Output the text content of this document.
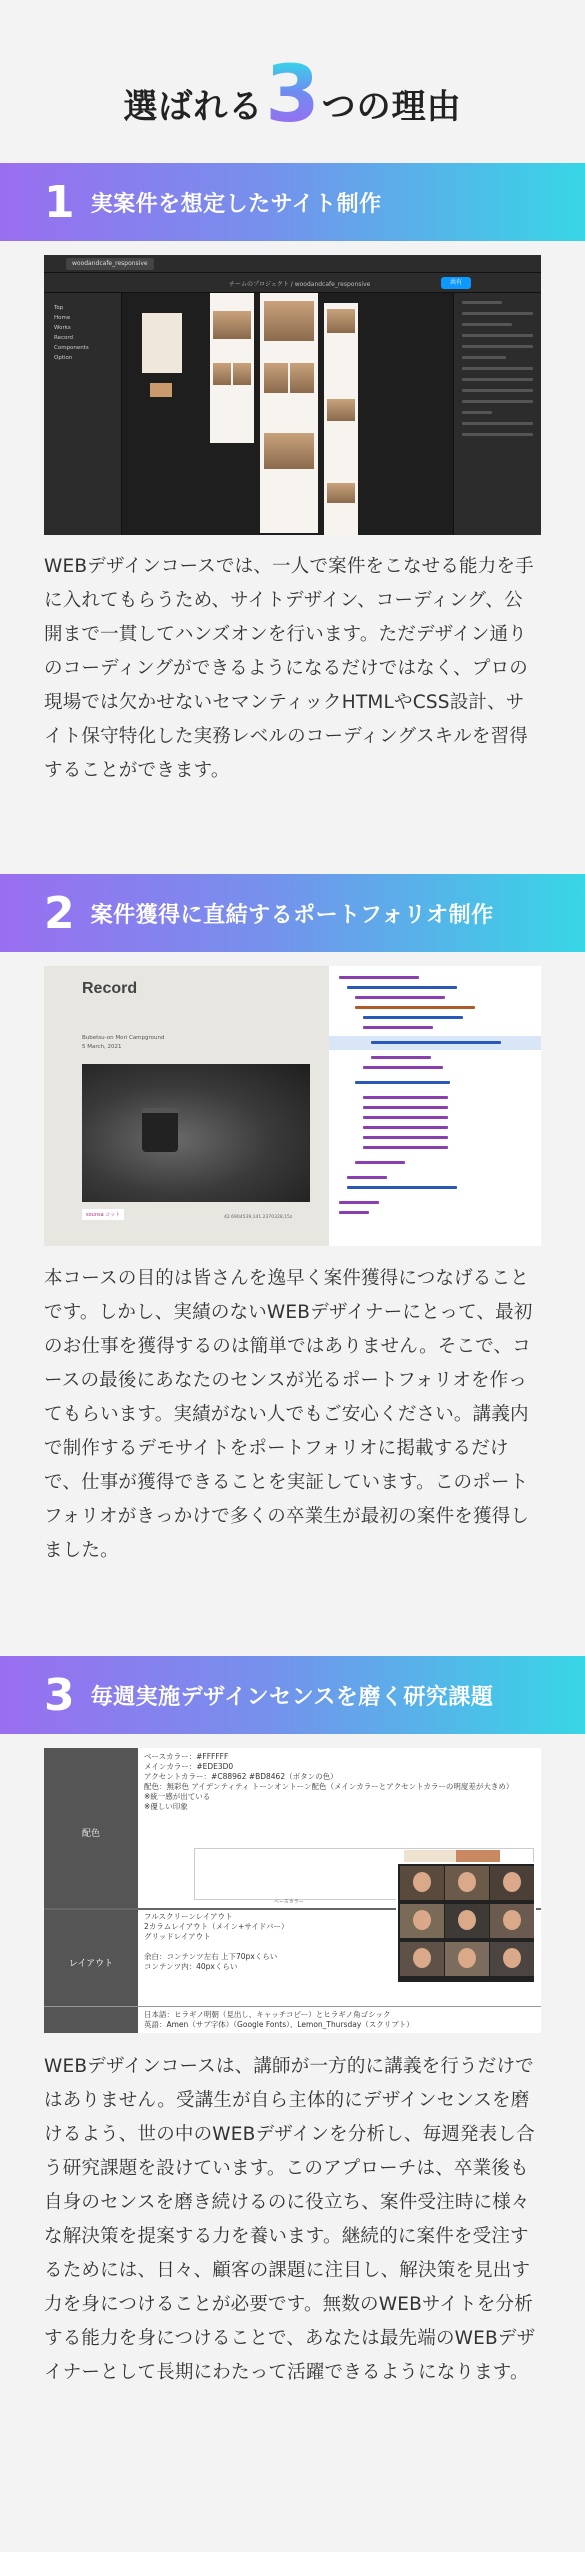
選ばれる 3 つの理由
1 実案件を想定したサイト制作
woodandcafe_responsive
チームのプロジェクト / woodandcafe_responsive	共有
Top
Home
Works
Record
Components
Option
WEBデザインコースでは、一人で案件をこなせる能力を手に入れてもらうため、サイトデザイン、コーディング、公開まで一貫してハンズオンを行います。ただデザイン通りのコーディングができるようになるだけではなく、プロの現場では欠かせないセマンティックHTMLやCSS設計、サイト保守特化した実務レベルのコーディングスキルを習得することができます。
2 案件獲得に直結するポートフォリオ制作
Record
Bubetsu-on Mori Campground
5 March, 2021
sounsa コット	42.6904539,141.2370328,15z
本コースの目的は皆さんを逸早く案件獲得につなげることです。しかし、実績のないWEBデザイナーにとって、最初のお仕事を獲得するのは簡単ではありません。そこで、コースの最後にあなたのセンスが光るポートフォリオを作ってもらいます。実績がない人でもご安心ください。講義内で制作するデモサイトをポートフォリオに掲載するだけで、仕事が獲得できることを実証しています。このポートフォリオがきっかけで多くの卒業生が最初の案件を獲得しました。
3 毎週実施デザインセンスを磨く研究課題
配色
レイアウト
ベースカラー：#FFFFFF
メインカラー：#EDE3D0
アクセントカラー：#C88962 #BD8462（ボタンの色）
配色：無彩色 アイデンティティ トーンオントーン配色（メインカラーとアクセントカラーの明度差が大きめ）
※統一感が出ている
※優しい印象
ベースカラー
フルスクリーンレイアウト
2カラムレイアウト（メイン+サイドバー）
グリッドレイアウト
余白：コンテンツ左右 上下70pxくらい
コンテンツ内：40pxくらい
日本語：ヒラギノ明朝（見出し、キャッチコピー）とヒラギノ角ゴシック
英語：Amen（サブ字体）（Google Fonts）、Lemon_Thursday（スクリプト）
WEBデザインコースは、講師が一方的に講義を行うだけではありません。受講生が自ら主体的にデザインセンスを磨けるよう、世の中のWEBデザインを分析し、毎週発表し合う研究課題を設けています。このアプローチは、卒業後も自身のセンスを磨き続けるのに役立ち、案件受注時に様々な解決策を提案する力を養います。継続的に案件を受注するためには、日々、顧客の課題に注目し、解決策を見出す力を身につけることが必要です。無数のWEBサイトを分析する能力を身につけることで、あなたは最先端のWEBデザイナーとして長期にわたって活躍できるようになります。
